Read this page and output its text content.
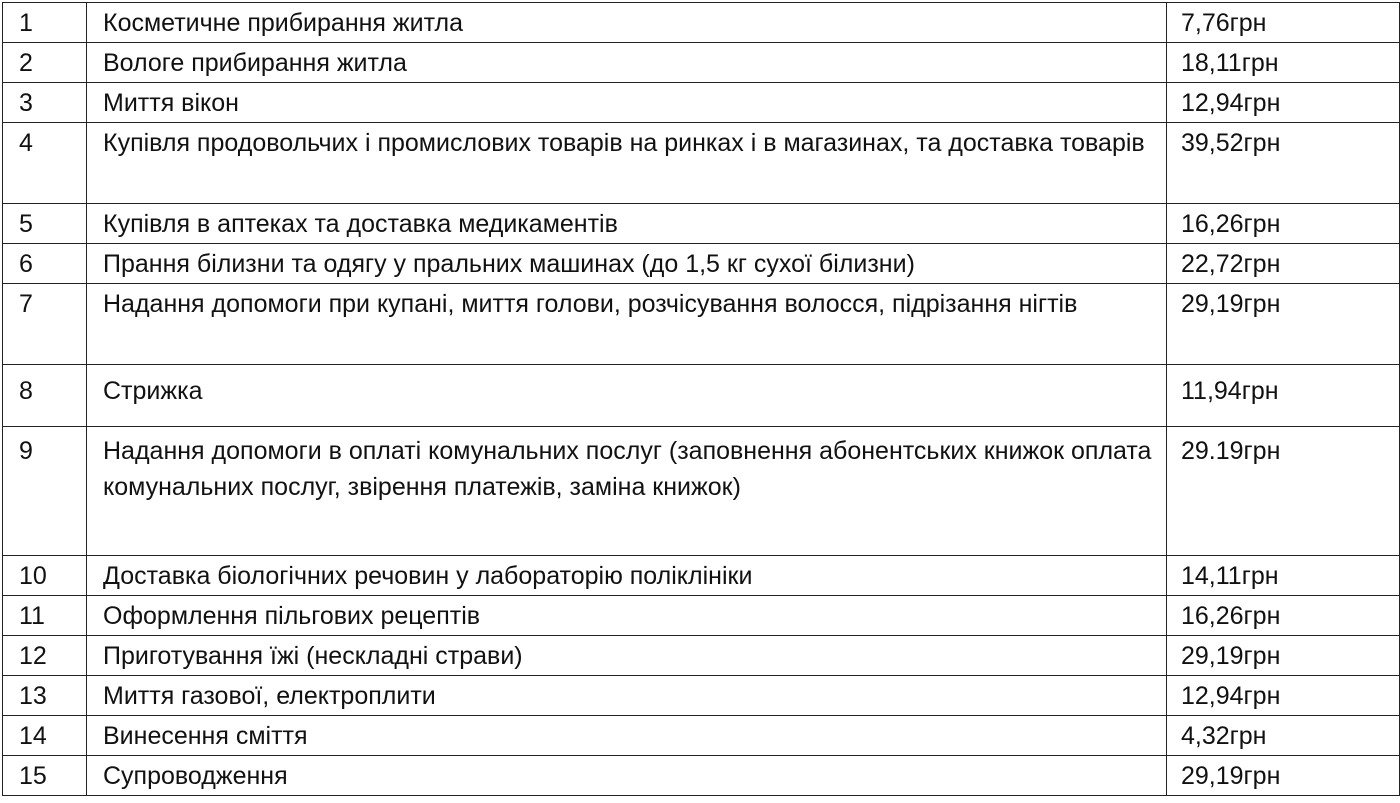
1	Косметичне прибирання житла	7,76грн
2	Вологе прибирання житла	18,11грн
3	Миття вікон	12,94грн
4	Купівля продовольчих і промислових товарів на ринках і в магазинах, та доставка товарів	39,52грн
5	Купівля в аптеках та доставка медикаментів	16,26грн
6	Прання білизни та одягу у пральних машинах (до 1,5 кг сухої білизни)	22,72грн
7	Надання допомоги при купані, миття голови, розчісування волосся, підрізання нігтів	29,19грн
8	Стрижка	11,94грн
9	Надання допомоги в оплаті комунальних послуг (заповнення абонентських книжок оплата комунальних послуг, звірення платежів, заміна книжок)	29.19грн
10	Доставка біологічних речовин у лабораторію поліклініки	14,11грн
11	Оформлення пільгових рецептів	16,26грн
12	Приготування їжі (нескладні страви)	29,19грн
13	Миття газової, електроплити	12,94грн
14	Винесення сміття	4,32грн
15	Супроводження	29,19грн
